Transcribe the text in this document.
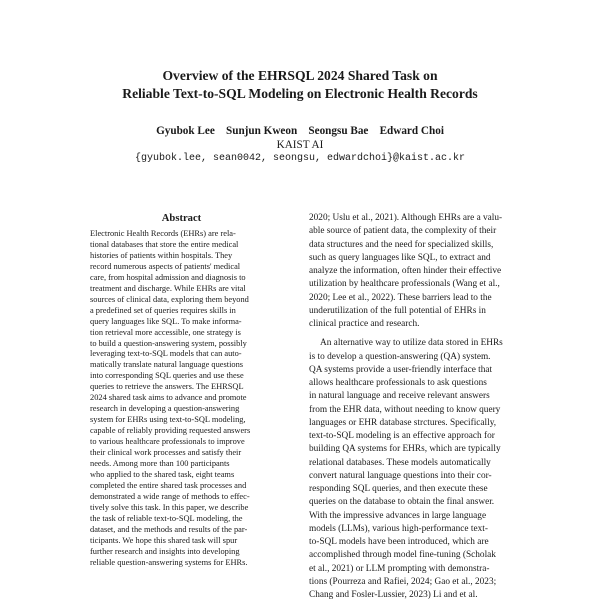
Overview of the EHRSQL 2024 Shared Task on
Reliable Text-to-SQL Modeling on Electronic Health Records
Gyubok Lee Sunjun Kweon Seongsu Bae Edward Choi
KAIST AI
{gyubok.lee, sean0042, seongsu, edwardchoi}@kaist.ac.kr
Abstract
Electronic Health Records (EHRs) are rela-
tional databases that store the entire medical
histories of patients within hospitals. They
record numerous aspects of patients' medical
care, from hospital admission and diagnosis to
treatment and discharge. While EHRs are vital
sources of clinical data, exploring them beyond
a predefined set of queries requires skills in
query languages like SQL. To make informa-
tion retrieval more accessible, one strategy is
to build a question-answering system, possibly
leveraging text-to-SQL models that can auto-
matically translate natural language questions
into corresponding SQL queries and use these
queries to retrieve the answers. The EHRSQL
2024 shared task aims to advance and promote
research in developing a question-answering
system for EHRs using text-to-SQL modeling,
capable of reliably providing requested answers
to various healthcare professionals to improve
their clinical work processes and satisfy their
needs. Among more than 100 participants
who applied to the shared task, eight teams
completed the entire shared task processes and
demonstrated a wide range of methods to effec-
tively solve this task. In this paper, we describe
the task of reliable text-to-SQL modeling, the
dataset, and the methods and results of the par-
ticipants. We hope this shared task will spur
further research and insights into developing
reliable question-answering systems for EHRs.
2020; Uslu et al., 2021). Although EHRs are a valu-
able source of patient data, the complexity of their
data structures and the need for specialized skills,
such as query languages like SQL, to extract and
analyze the information, often hinder their effective
utilization by healthcare professionals (Wang et al.,
2020; Lee et al., 2022). These barriers lead to the
underutilization of the full potential of EHRs in
clinical practice and research.
An alternative way to utilize data stored in EHRs
is to develop a question-answering (QA) system.
QA systems provide a user-friendly interface that
allows healthcare professionals to ask questions
in natural language and receive relevant answers
from the EHR data, without needing to know query
languages or EHR database strctures. Specifically,
text-to-SQL modeling is an effective approach for
building QA systems for EHRs, which are typically
relational databases. These models automatically
convert natural language questions into their cor-
responding SQL queries, and then execute these
queries on the database to obtain the final answer.
With the impressive advances in large language
models (LLMs), various high-performance text-
to-SQL models have been introduced, which are
accomplished through model fine-tuning (Scholak
et al., 2021) or LLM prompting with demonstra-
tions (Pourreza and Rafiei, 2024; Gao et al., 2023;
Chang and Fosler-Lussier, 2023) Li and et al.
